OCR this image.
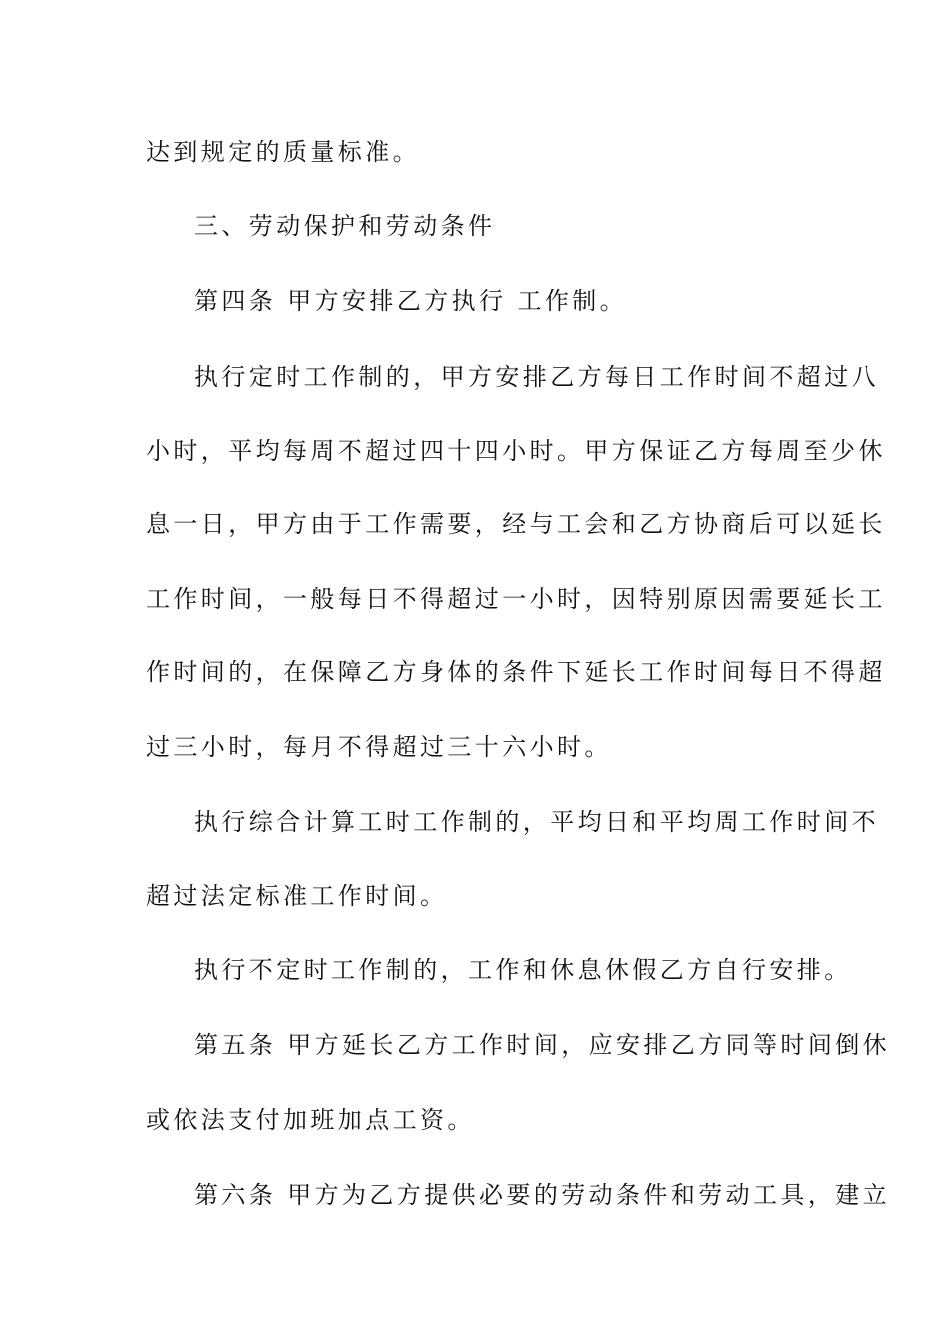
达到规定的质量标准。
三、劳动保护和劳动条件
第四条 甲方安排乙方执行 工作制。
执行定时工作制的，甲方安排乙方每日工作时间不超过八
小时，平均每周不超过四十四小时。甲方保证乙方每周至少休
息一日，甲方由于工作需要，经与工会和乙方协商后可以延长
工作时间，一般每日不得超过一小时，因特别原因需要延长工
作时间的，在保障乙方身体的条件下延长工作时间每日不得超
过三小时，每月不得超过三十六小时。
执行综合计算工时工作制的，平均日和平均周工作时间不
超过法定标准工作时间。
执行不定时工作制的，工作和休息休假乙方自行安排。
第五条 甲方延长乙方工作时间，应安排乙方同等时间倒休
或依法支付加班加点工资。
第六条 甲方为乙方提供必要的劳动条件和劳动工具，建立
